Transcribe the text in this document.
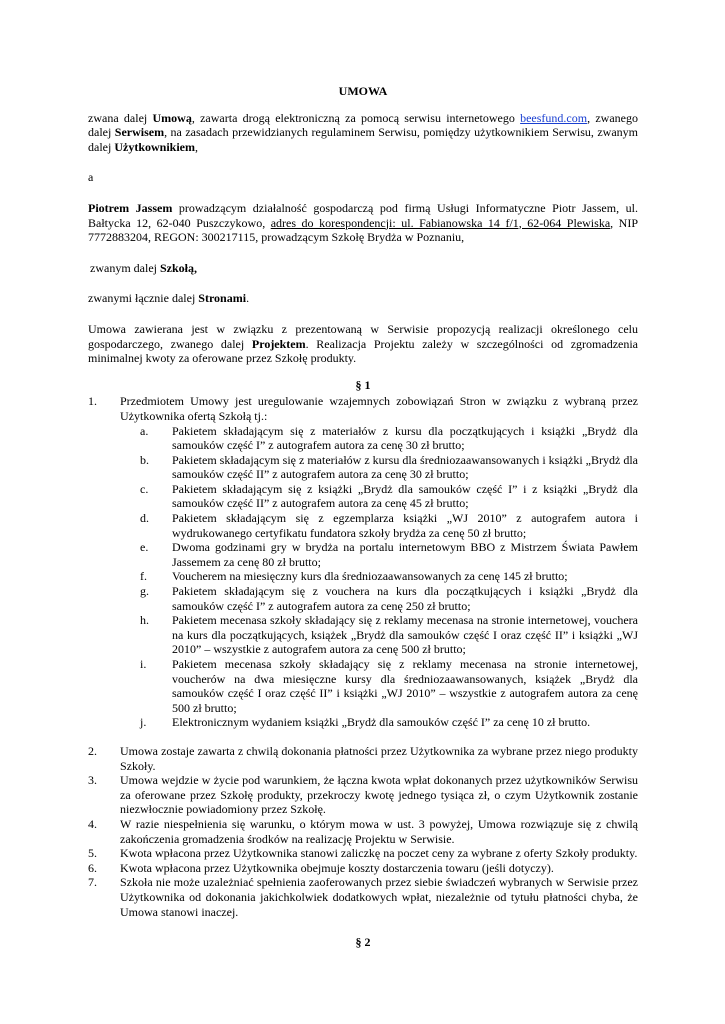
UMOWA

zwana dalej Umową, zawarta drogą elektroniczną za pomocą serwisu internetowego beesfund.com, zwanego dalej Serwisem, na zasadach przewidzianych regulaminem Serwisu, pomiędzy użytkownikiem Serwisu, zwanym dalej Użytkownikiem,

a

Piotrem Jassem prowadzącym działalność gospodarczą pod firmą Usługi Informatyczne Piotr Jassem, ul. Bałtycka 12, 62-040 Puszczykowo, adres do korespondencji: ul. Fabianowska 14 f/1, 62-064 Plewiska, NIP 7772883204, REGON: 300217115, prowadzącym Szkołę Brydża w Poznaniu,

zwanym dalej Szkołą,

zwanymi łącznie dalej Stronami.

Umowa zawierana jest w związku z prezentowaną w Serwisie propozycją realizacji określonego celu gospodarczego, zwanego dalej Projektem. Realizacja Projektu zależy w szczególności od zgromadzenia minimalnej kwoty za oferowane przez Szkołę produkty.

§ 1
1. Przedmiotem Umowy jest uregulowanie wzajemnych zobowiązań Stron w związku z wybraną przez Użytkownika ofertą Szkołą tj.:
a. Pakietem składającym się z materiałów z kursu dla początkujących i książki „Brydż dla samouków część I” z autografem autora za cenę 30 zł brutto;
b. Pakietem składającym się z materiałów z kursu dla średniozaawansowanych i książki „Brydż dla samouków część II” z autografem autora za cenę 30 zł brutto;
c. Pakietem składającym się z książki „Brydż dla samouków część I” i z książki „Brydż dla samouków część II” z autografem autora za cenę 45 zł brutto;
d. Pakietem składającym się z egzemplarza książki „WJ 2010” z autografem autora i wydrukowanego certyfikatu fundatora szkoły brydża za cenę 50 zł brutto;
e. Dwoma godzinami gry w brydża na portalu internetowym BBO z Mistrzem Świata Pawłem Jassemem za cenę 80 zł brutto;
f. Voucherem na miesięczny kurs dla średniozaawansowanych za cenę 145 zł brutto;
g. Pakietem składającym się z vouchera na kurs dla początkujących i książki „Brydż dla samouków część I” z autografem autora za cenę 250 zł brutto;
h. Pakietem mecenasa szkoły składający się z reklamy mecenasa na stronie internetowej, vouchera na kurs dla początkujących, książek „Brydż dla samouków część I oraz część II” i książki „WJ 2010” – wszystkie z autografem autora za cenę 500 zł brutto;
i. Pakietem mecenasa szkoły składający się z reklamy mecenasa na stronie internetowej, voucherów na dwa miesięczne kursy dla średniozaawansowanych, książek „Brydż dla samouków część I oraz część II” i książki „WJ 2010” – wszystkie z autografem autora za cenę 500 zł brutto;
j. Elektronicznym wydaniem książki „Brydż dla samouków część I” za cenę 10 zł brutto.
2. Umowa zostaje zawarta z chwilą dokonania płatności przez Użytkownika za wybrane przez niego produkty Szkoły.
3. Umowa wejdzie w życie pod warunkiem, że łączna kwota wpłat dokonanych przez użytkowników Serwisu za oferowane przez Szkołę produkty, przekroczy kwotę jednego tysiąca zł, o czym Użytkownik zostanie niezwłocznie powiadomiony przez Szkołę.
4. W razie niespełnienia się warunku, o którym mowa w ust. 3 powyżej, Umowa rozwiązuje się z chwilą zakończenia gromadzenia środków na realizację Projektu w Serwisie.
5. Kwota wpłacona przez Użytkownika stanowi zaliczkę na poczet ceny za wybrane z oferty Szkoły produkty.
6. Kwota wpłacona przez Użytkownika obejmuje koszty dostarczenia towaru (jeśli dotyczy).
7. Szkoła nie może uzależniać spełnienia zaoferowanych przez siebie świadczeń wybranych w Serwisie przez Użytkownika od dokonania jakichkolwiek dodatkowych wpłat, niezależnie od tytułu płatności chyba, że Umowa stanowi inaczej.
§ 2
